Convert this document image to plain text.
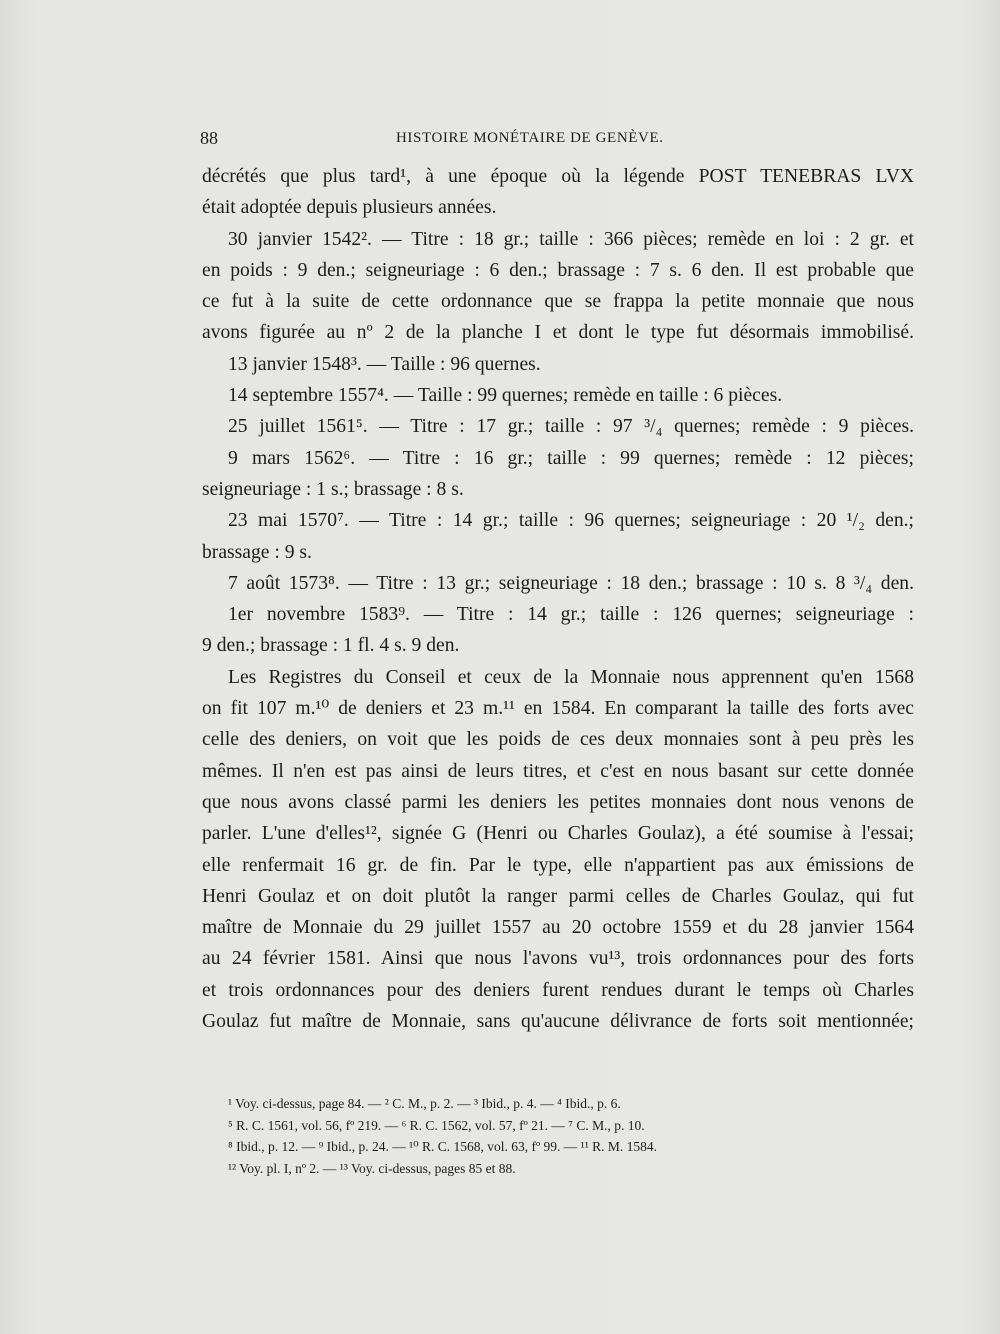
88	HISTOIRE MONÉTAIRE DE GENÈVE.
décrétés que plus tard¹, à une époque où la légende POST TENEBRAS LVX
était adoptée depuis plusieurs années.
30 janvier 1542². — Titre : 18 gr.; taille : 366 pièces; remède en loi : 2 gr. et
en poids : 9 den.; seigneuriage : 6 den.; brassage : 7 s. 6 den. Il est probable que
ce fut à la suite de cette ordonnance que se frappa la petite monnaie que nous
avons figurée au nº 2 de la planche I et dont le type fut désormais immobilisé.
13 janvier 1548³. — Taille : 96 quernes.
14 septembre 1557⁴. — Taille : 99 quernes; remède en taille : 6 pièces.
25 juillet 1561⁵. — Titre : 17 gr.; taille : 97 ³/₄ quernes; remède : 9 pièces.
9 mars 1562⁶. — Titre : 16 gr.; taille : 99 quernes; remède : 12 pièces;
seigneuriage : 1 s.; brassage : 8 s.
23 mai 1570⁷. — Titre : 14 gr.; taille : 96 quernes; seigneuriage : 20 ¹/₂ den.;
brassage : 9 s.
7 août 1573⁸. — Titre : 13 gr.; seigneuriage : 18 den.; brassage : 10 s. 8 ³/₄ den.
1er novembre 1583⁹. — Titre : 14 gr.; taille : 126 quernes; seigneuriage :
9 den.; brassage : 1 fl. 4 s. 9 den.
Les Registres du Conseil et ceux de la Monnaie nous apprennent qu'en 1568
on fit 107 m.¹⁰ de deniers et 23 m.¹¹ en 1584. En comparant la taille des forts avec
celle des deniers, on voit que les poids de ces deux monnaies sont à peu près les
mêmes. Il n'en est pas ainsi de leurs titres, et c'est en nous basant sur cette donnée
que nous avons classé parmi les deniers les petites monnaies dont nous venons de
parler. L'une d'elles¹², signée G (Henri ou Charles Goulaz), a été soumise à l'essai;
elle renfermait 16 gr. de fin. Par le type, elle n'appartient pas aux émissions de
Henri Goulaz et on doit plutôt la ranger parmi celles de Charles Goulaz, qui fut
maître de Monnaie du 29 juillet 1557 au 20 octobre 1559 et du 28 janvier 1564
au 24 février 1581. Ainsi que nous l'avons vu¹³, trois ordonnances pour des forts
et trois ordonnances pour des deniers furent rendues durant le temps où Charles
Goulaz fut maître de Monnaie, sans qu'aucune délivrance de forts soit mentionnée;
¹ Voy. ci-dessus, page 84. — ² C. M., p. 2. — ³ Ibid., p. 4. — ⁴ Ibid., p. 6.
⁵ R. C. 1561, vol. 56, fº 219. — ⁶ R. C. 1562, vol. 57, fº 21. — ⁷ C. M., p. 10.
⁸ Ibid., p. 12. — ⁹ Ibid., p. 24. — ¹⁰ R. C. 1568, vol. 63, fº 99. — ¹¹ R. M. 1584.
¹² Voy. pl. I, nº 2. — ¹³ Voy. ci-dessus, pages 85 et 88.
